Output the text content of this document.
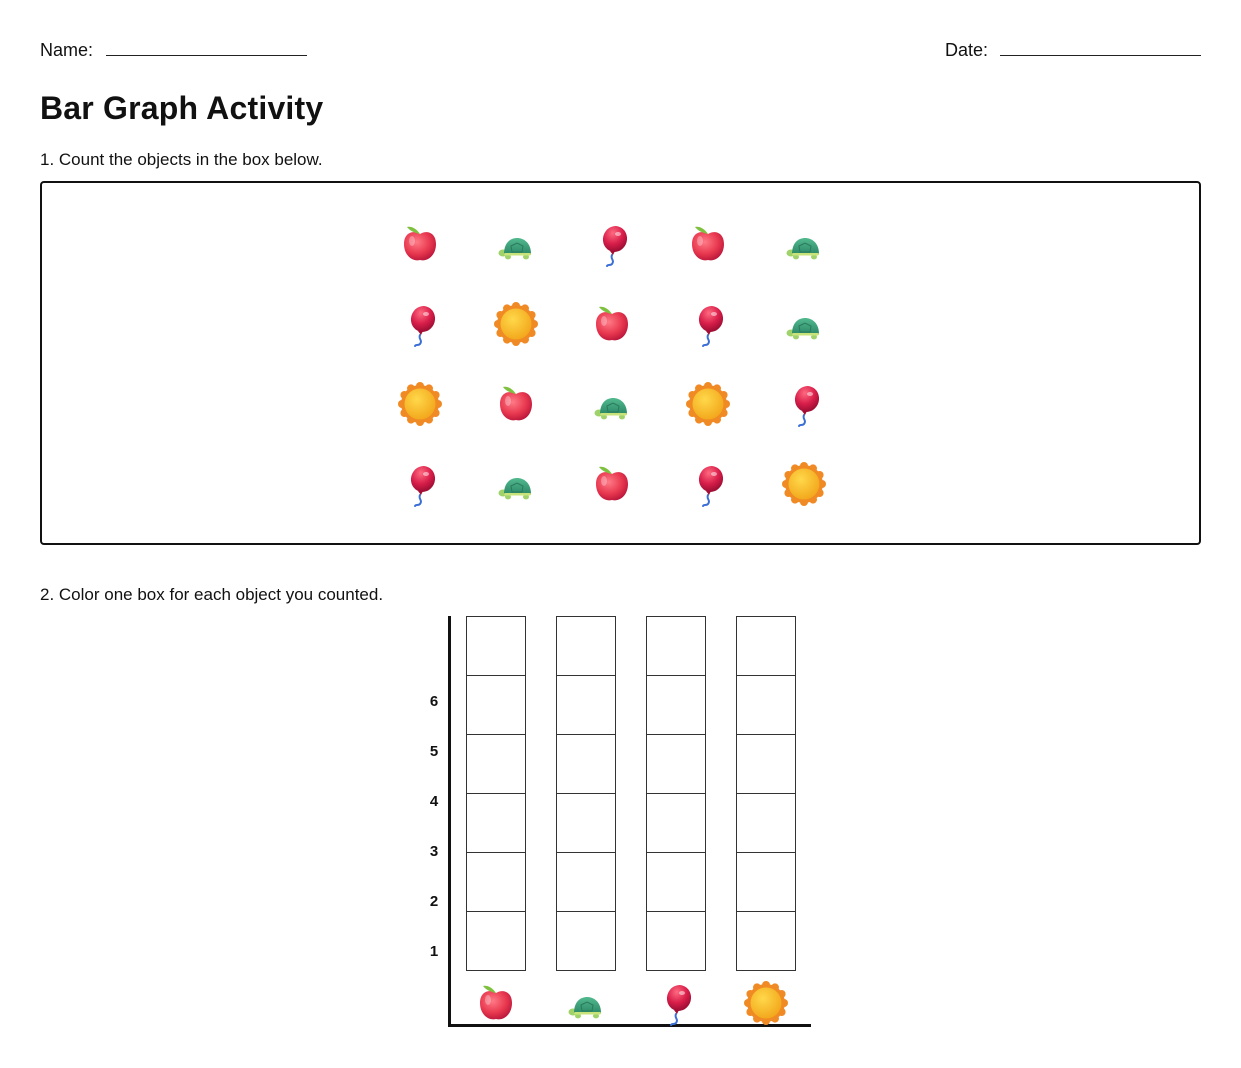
Name:	Date:
Bar Graph Activity
1. Count the objects in the box below.
2. Color one box for each object you counted.
1
2
3
4
5
6
